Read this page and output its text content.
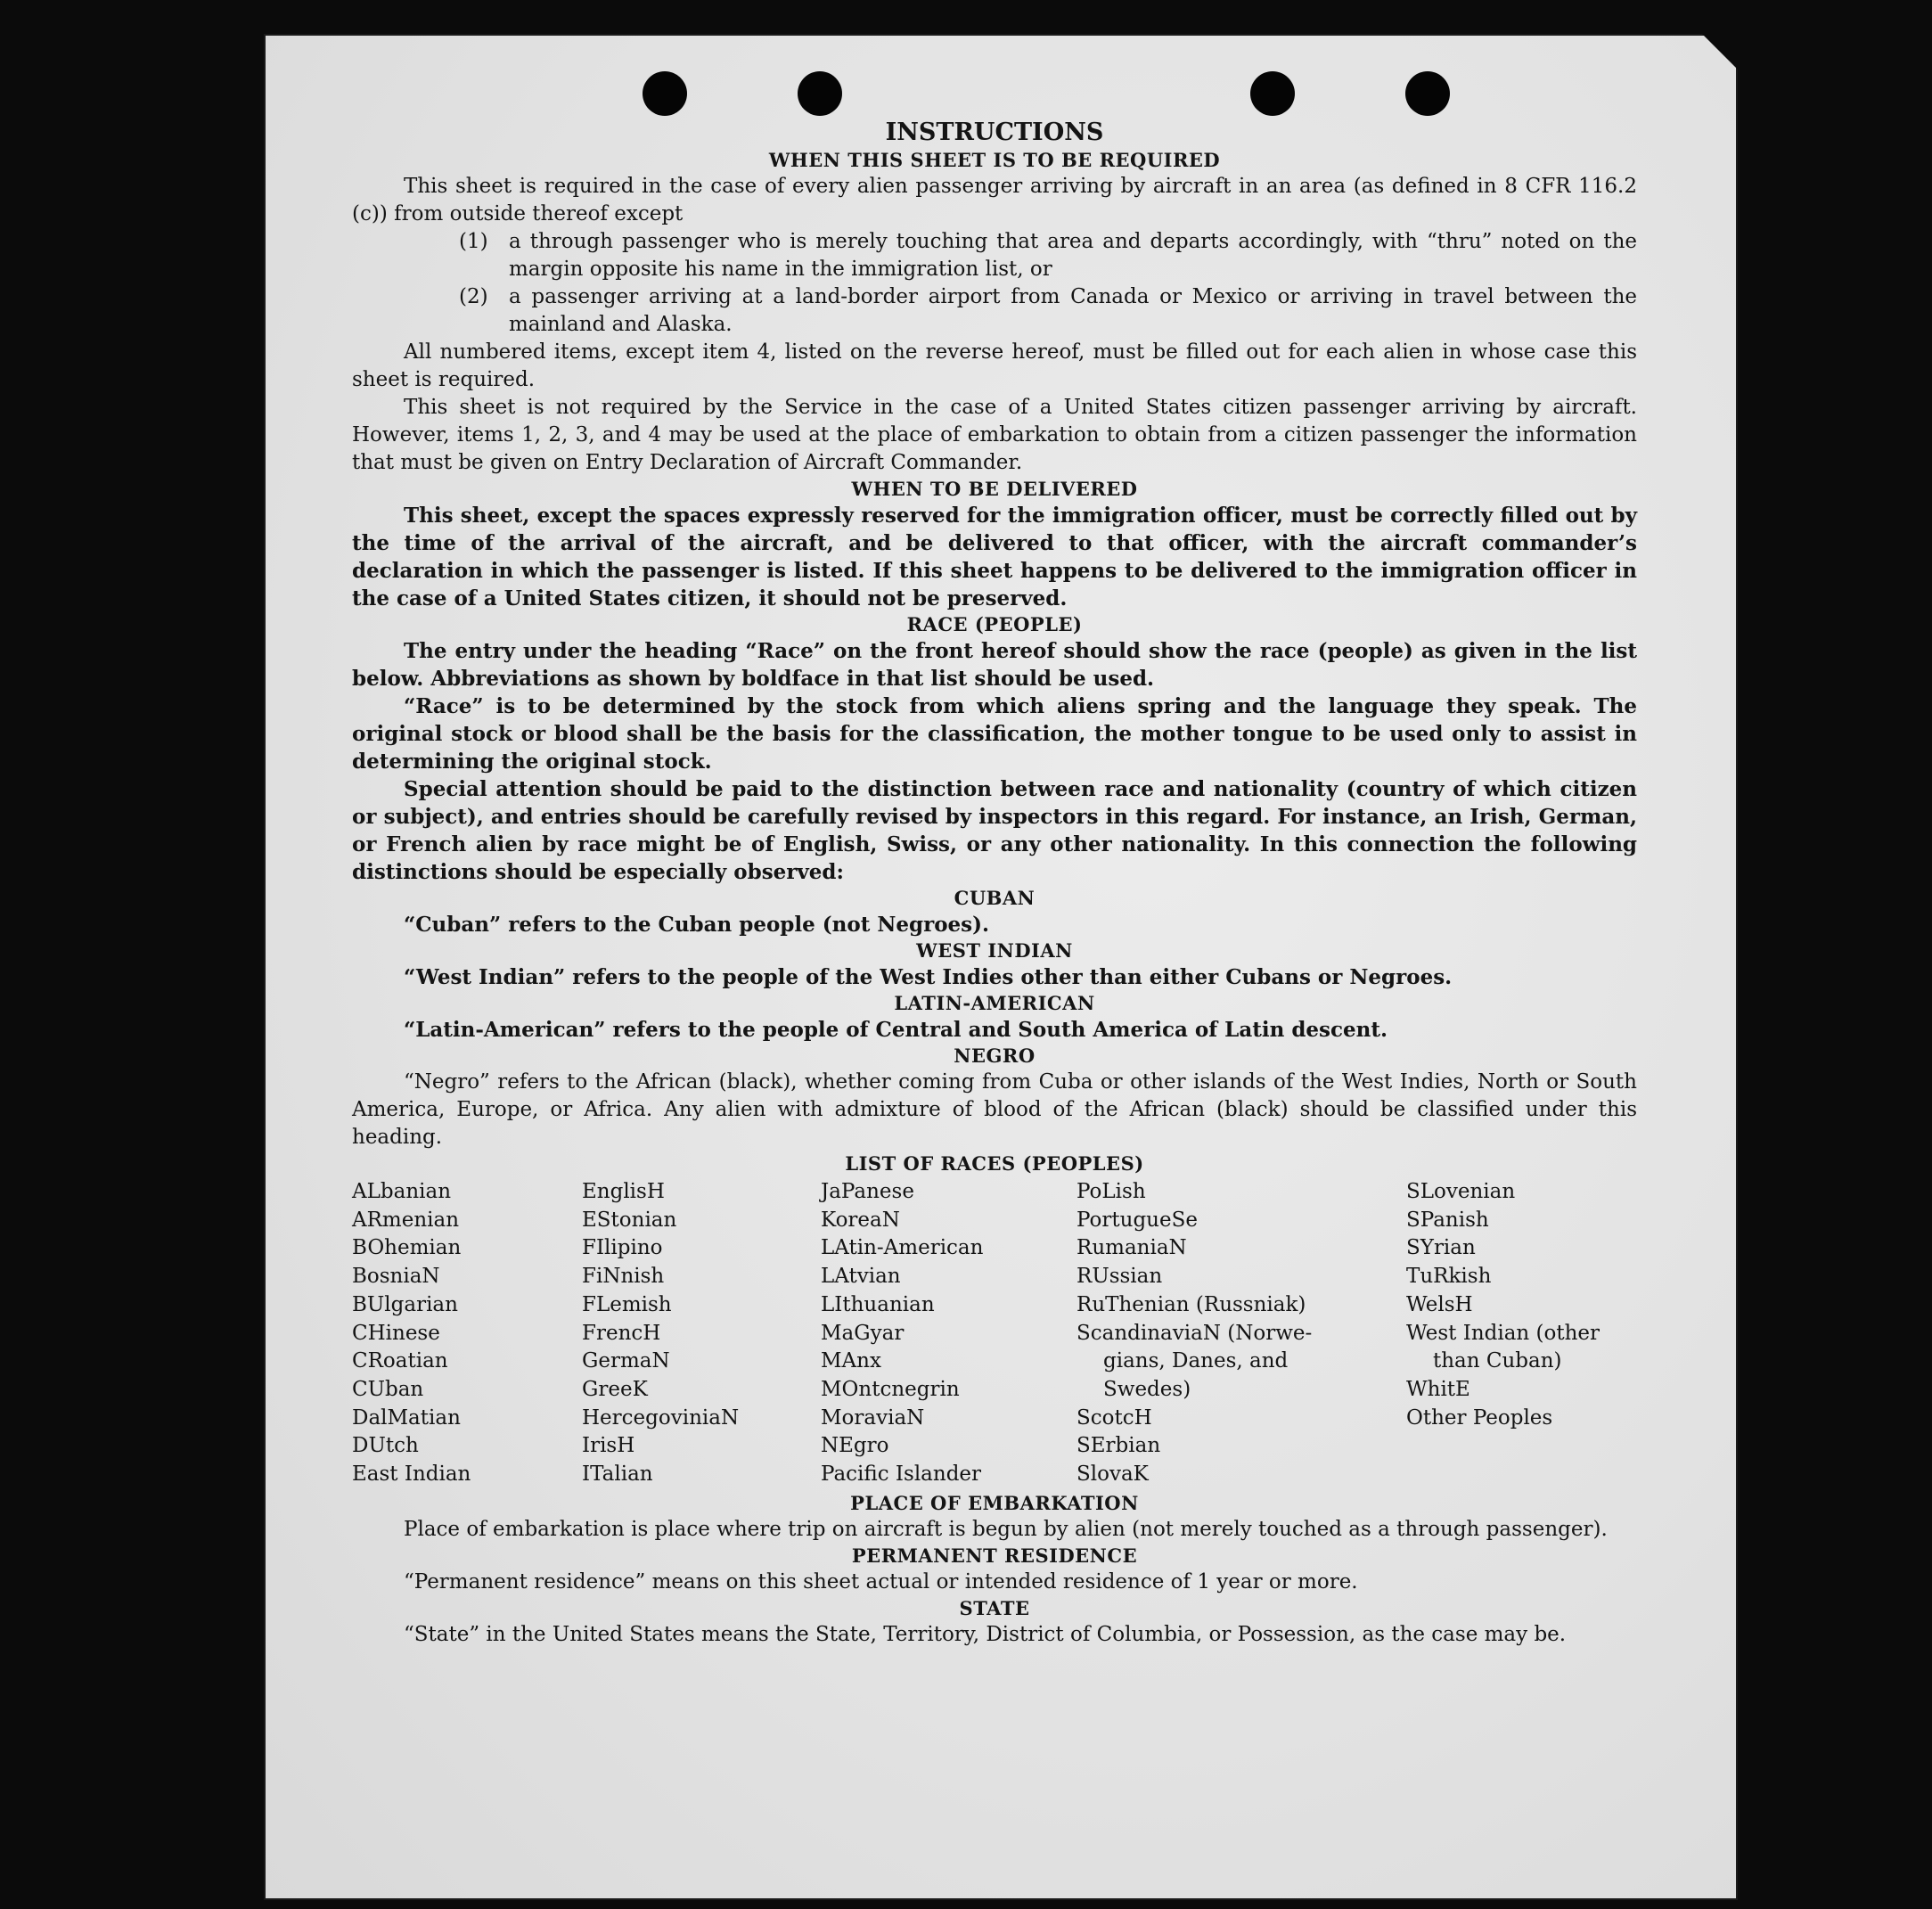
INSTRUCTIONS
WHEN THIS SHEET IS TO BE REQUIRED

This sheet is required in the case of every alien passenger arriving by aircraft in an area (as defined in 8 CFR 116.2 (c)) from outside thereof except

(1) a through passenger who is merely touching that area and departs accordingly, with “thru” noted on the margin opposite his name in the immigration list, or

(2) a passenger arriving at a land-border airport from Canada or Mexico or arriving in travel between the mainland and Alaska.

All numbered items, except item 4, listed on the reverse hereof, must be filled out for each alien in whose case this sheet is required.

This sheet is not required by the Service in the case of a United States citizen passenger arriving by aircraft. However, items 1, 2, 3, and 4 may be used at the place of embarkation to obtain from a citizen passenger the information that must be given on Entry Declaration of Aircraft Commander.

WHEN TO BE DELIVERED

This sheet, except the spaces expressly reserved for the immigration officer, must be correctly filled out by the time of the arrival of the aircraft, and be delivered to that officer, with the aircraft commander’s declaration in which the passenger is listed. If this sheet happens to be delivered to the immigration officer in the case of a United States citizen, it should not be preserved.

RACE (PEOPLE)

The entry under the heading “Race” on the front hereof should show the race (people) as given in the list below. Abbreviations as shown by boldface in that list should be used.

“Race” is to be determined by the stock from which aliens spring and the language they speak. The original stock or blood shall be the basis for the classification, the mother tongue to be used only to assist in determining the original stock.

Special attention should be paid to the distinction between race and nationality (country of which citizen or subject), and entries should be carefully revised by inspectors in this regard. For instance, an Irish, German, or French alien by race might be of English, Swiss, or any other nationality. In this connection the following distinctions should be especially observed:

CUBAN

“Cuban” refers to the Cuban people (not Negroes).

WEST INDIAN

“West Indian” refers to the people of the West Indies other than either Cubans or Negroes.

LATIN-AMERICAN

“Latin-American” refers to the people of Central and South America of Latin descent.

NEGRO

“Negro” refers to the African (black), whether coming from Cuba or other islands of the West Indies, North or South America, Europe, or Africa. Any alien with admixture of blood of the African (black) should be classified under this heading.

LIST OF RACES (PEOPLES)
ALbanian
ARmenian
BOhemian
BosniaN
BUlgarian
CHinese
CRoatian
CUban
DalMatian
DUtch
East Indian
EnglisH
EStonian
FIlipino
FiNnish
FLemish
FrencH
GermaN
GreeK
HercegoviniaN
IrisH
ITalian
JaPanese
KoreaN
LAtin-American
LAtvian
LIthuanian
MaGyar
MAnx
MOntcnegrin
MoraviaN
NEgro
Pacific Islander
PoLish
PortugueSe
RumaniaN
RUssian
RuThenian (Russniak)
ScandinaviaN (Norwe-
gians, Danes, and
Swedes)
ScotcH
SErbian
SlovaK
SLovenian
SPanish
SYrian
TuRkish
WelsH
West Indian (other
than Cuban)
WhitE
Other Peoples
PLACE OF EMBARKATION

Place of embarkation is place where trip on aircraft is begun by alien (not merely touched as a through passenger).

PERMANENT RESIDENCE

“Permanent residence” means on this sheet actual or intended residence of 1 year or more.

STATE

“State” in the United States means the State, Territory, District of Columbia, or Possession, as the case may be.
